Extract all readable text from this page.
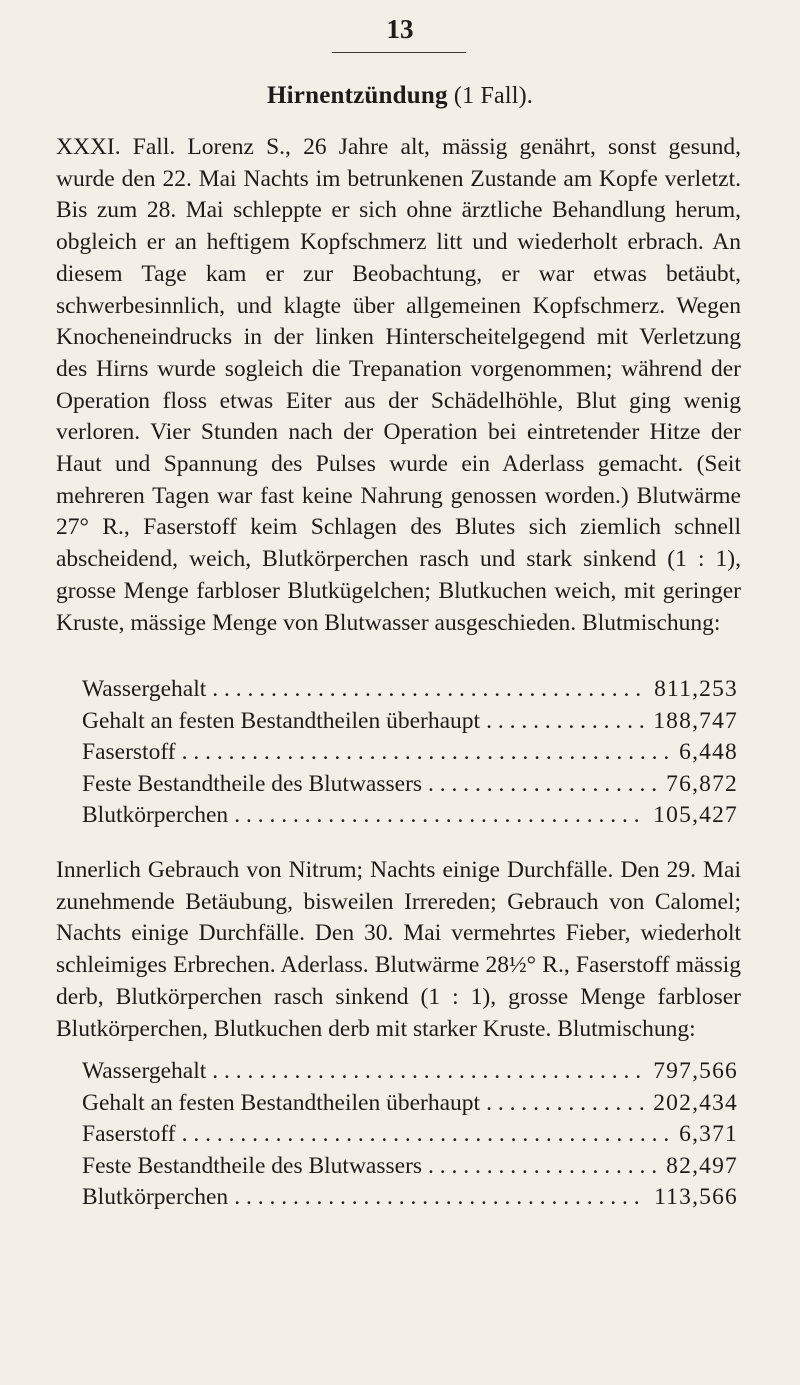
13
Hirnentzündung (1 Fall).

XXXI. Fall. Lorenz S., 26 Jahre alt, mässig genährt, sonst gesund, wurde den 22. Mai Nachts im betrunkenen Zustande am Kopfe verletzt. Bis zum 28. Mai schleppte er sich ohne ärztliche Behandlung herum, obgleich er an heftigem Kopfschmerz litt und wiederholt erbrach. An diesem Tage kam er zur Beobachtung, er war etwas betäubt, schwerbesinnlich, und klagte über allgemeinen Kopfschmerz. Wegen Knocheneindrucks in der linken Hinterscheitelgegend mit Verletzung des Hirns wurde sogleich die Trepanation vorgenommen; während der Operation floss etwas Eiter aus der Schädelhöhle, Blut ging wenig verloren. Vier Stunden nach der Operation bei eintretender Hitze der Haut und Spannung des Pulses wurde ein Aderlass gemacht. (Seit mehreren Tagen war fast keine Nahrung genossen worden.) Blutwärme 27° R., Faserstoff keim Schlagen des Blutes sich ziemlich schnell abscheidend, weich, Blutkörperchen rasch und stark sinkend (1 : 1), grosse Menge farbloser Blutkügelchen; Blutkuchen weich, mit geringer Kruste, mässige Menge von Blutwasser ausgeschieden. Blutmischung:

Wassergehalt . . .	811,253
Gehalt an festen Bestandtheilen überhaupt . . .	188,747
Faserstoff . . .	6,448
Feste Bestandtheile des Blutwassers . . .	76,872
Blutkörperchen . . .	105,427

Innerlich Gebrauch von Nitrum; Nachts einige Durchfälle. Den 29. Mai zunehmende Betäubung, bisweilen Irrereden; Gebrauch von Calomel; Nachts einige Durchfälle. Den 30. Mai vermehrtes Fieber, wiederholt schleimiges Erbrechen. Aderlass. Blutwärme 28½° R., Faserstoff mässig derb, Blutkörperchen rasch sinkend (1 : 1), grosse Menge farbloser Blutkörperchen, Blutkuchen derb mit starker Kruste. Blutmischung:

Wassergehalt . . .	797,566
Gehalt an festen Bestandtheilen überhaupt . . .	202,434
Faserstoff . . .	6,371
Feste Bestandtheile des Blutwassers . . .	82,497
Blutkörperchen . . .	113,566
